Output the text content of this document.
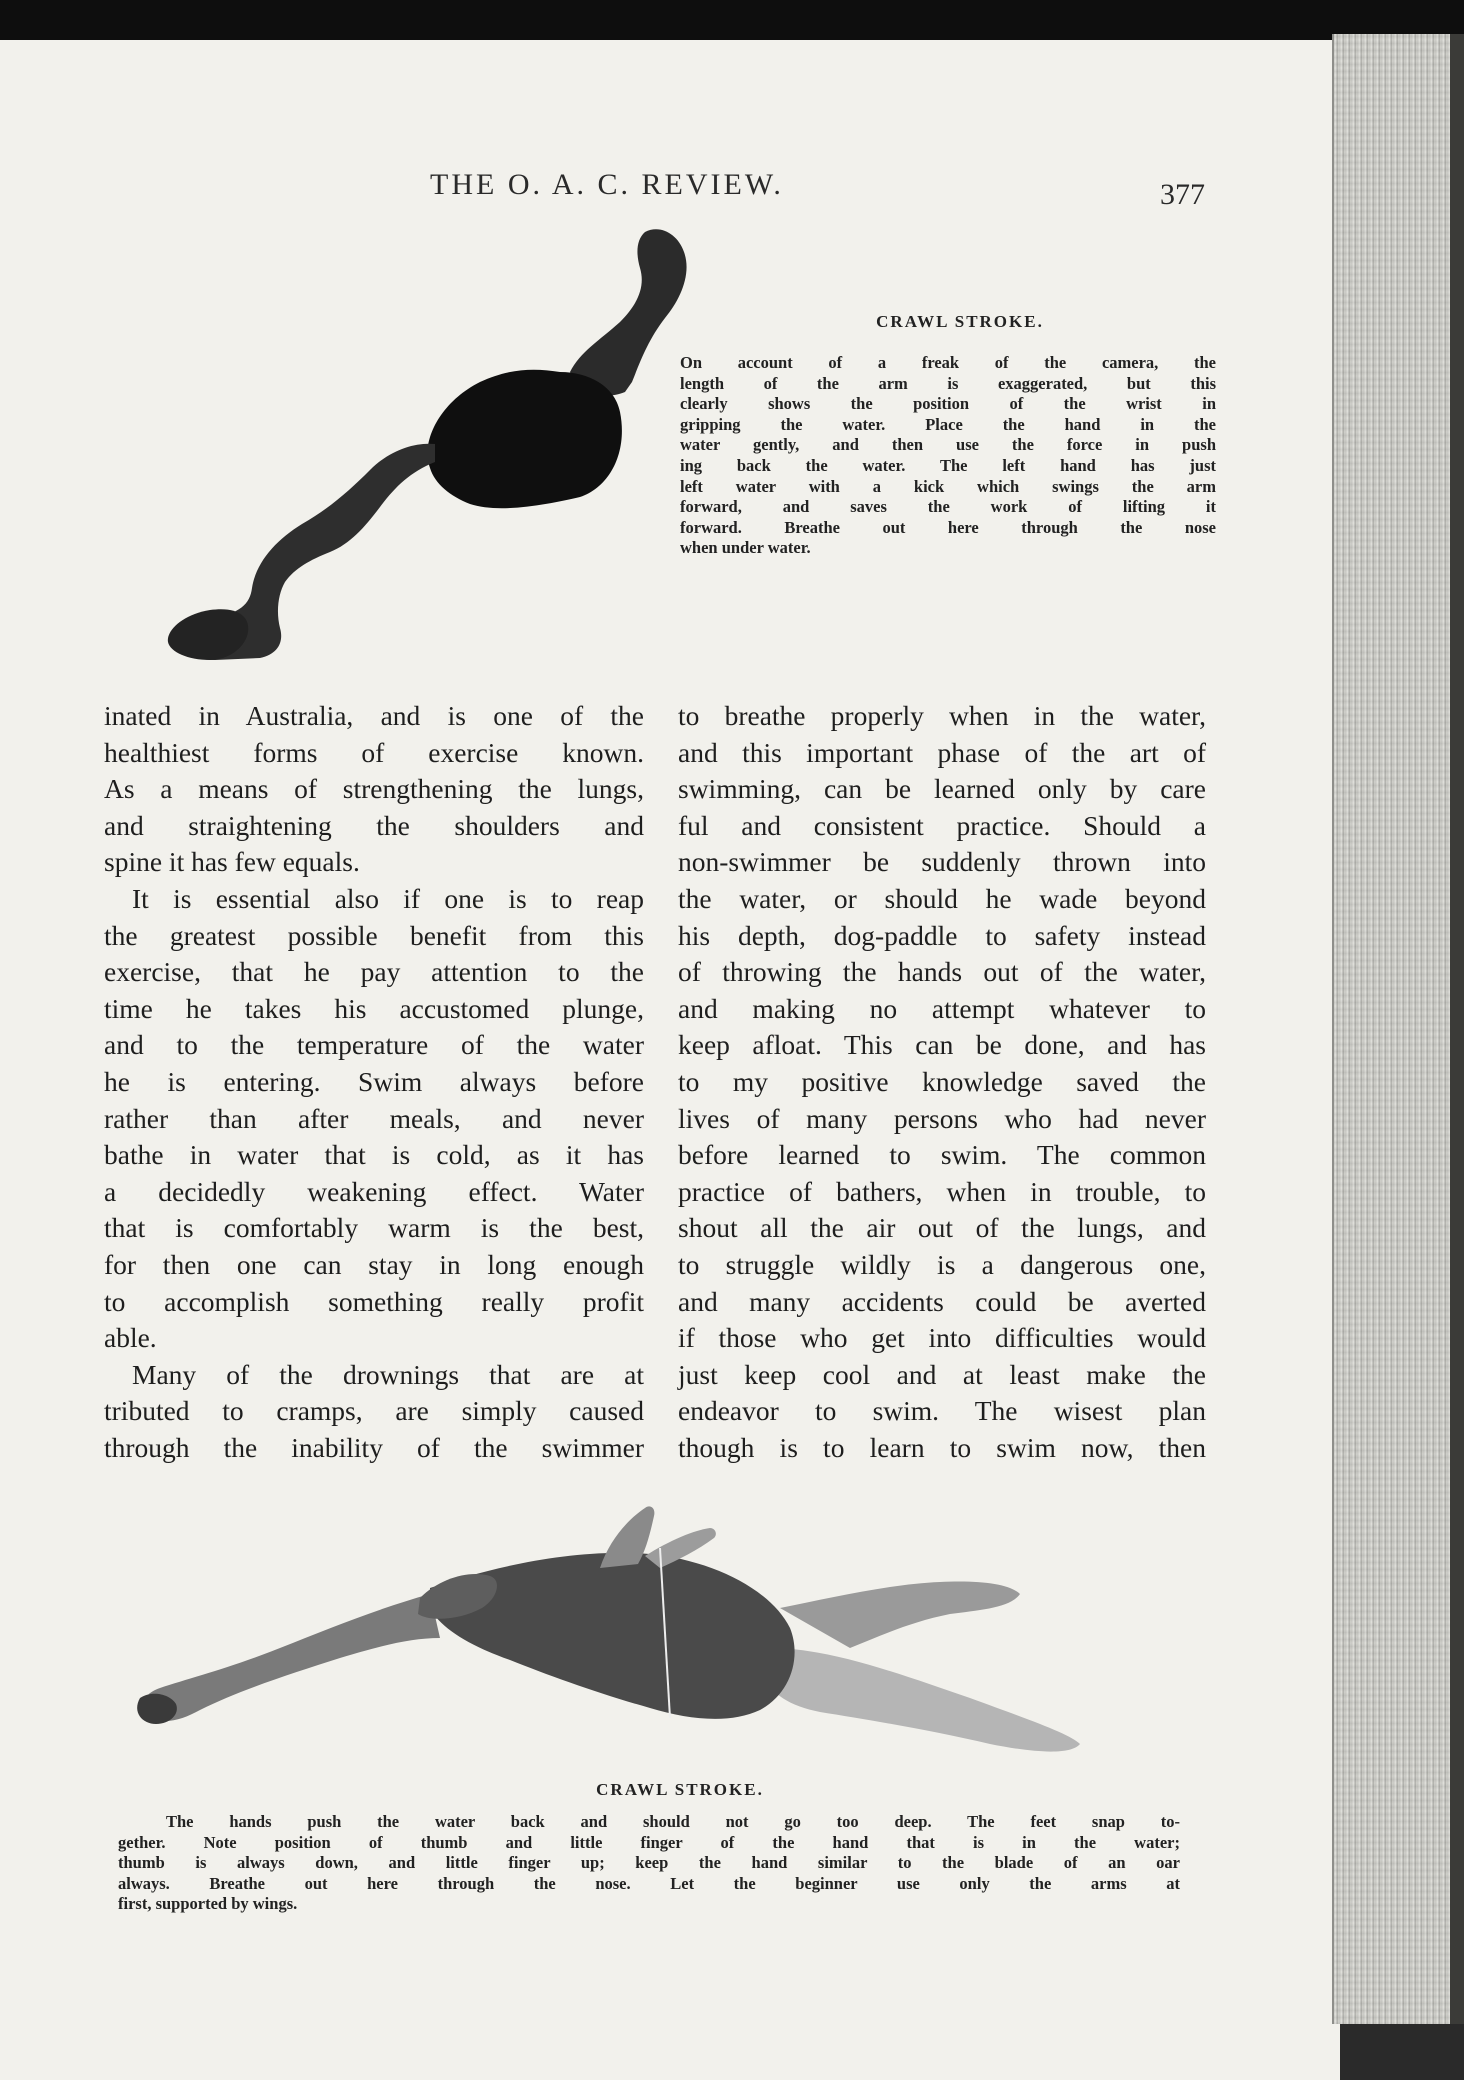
THE O. A. C. REVIEW.	377
CRAWL STROKE.
On account of a freak of the camera, the
length of the arm is exaggerated, but this
clearly shows the position of the wrist in
gripping the water. Place the hand in the
water gently, and then use the force in push
ing back the water. The left hand has just
left water with a kick which swings the arm
forward, and saves the work of lifting it
forward. Breathe out here through the nose
when under water.
inated in Australia, and is one of the
healthiest forms of exercise known.
As a means of strengthening the lungs,
and straightening the shoulders and
spine it has few equals.
It is essential also if one is to reap
the greatest possible benefit from this
exercise, that he pay attention to the
time he takes his accustomed plunge,
and to the temperature of the water
he is entering. Swim always before
rather than after meals, and never
bathe in water that is cold, as it has
a decidedly weakening effect. Water
that is comfortably warm is the best,
for then one can stay in long enough
to accomplish something really profit
able.
Many of the drownings that are at
tributed to cramps, are simply caused
through the inability of the swimmer
to breathe properly when in the water,
and this important phase of the art of
swimming, can be learned only by care
ful and consistent practice. Should a
non-swimmer be suddenly thrown into
the water, or should he wade beyond
his depth, dog-paddle to safety instead
of throwing the hands out of the water,
and making no attempt whatever to
keep afloat. This can be done, and has
to my positive knowledge saved the
lives of many persons who had never
before learned to swim. The common
practice of bathers, when in trouble, to
shout all the air out of the lungs, and
to struggle wildly is a dangerous one,
and many accidents could be averted
if those who get into difficulties would
just keep cool and at least make the
endeavor to swim. The wisest plan
though is to learn to swim now, then
CRAWL STROKE.
The hands push the water back and should not go too deep. The feet snap to-
gether. Note position of thumb and little finger of the hand that is in the water;
thumb is always down, and little finger up; keep the hand similar to the blade of an oar
always. Breathe out here through the nose. Let the beginner use only the arms at
first, supported by wings.
